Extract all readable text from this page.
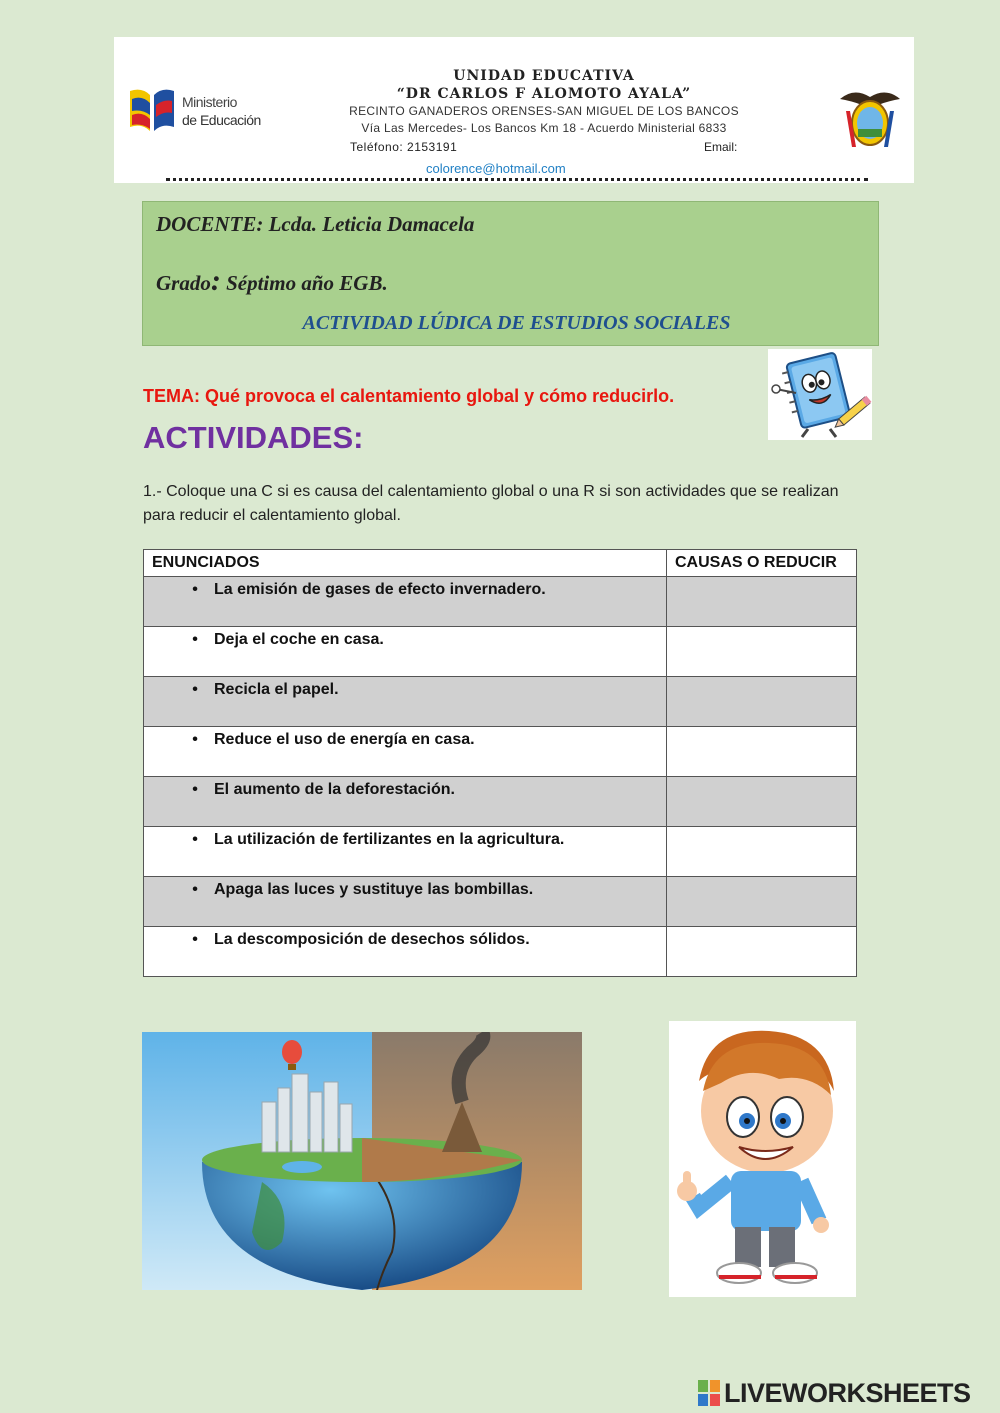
Ministerio
de Educación
UNIDAD EDUCATIVA
“DR CARLOS F ALOMOTO AYALA”
RECINTO GANADEROS ORENSES-SAN MIGUEL DE LOS BANCOS
Vía Las Mercedes- Los Bancos Km 18 - Acuerdo Ministerial 6833
Teléfono: 2153191	Email:
colorence@hotmail.com
DOCENTE: Lcda. Leticia Damacela
Grado: Séptimo año EGB.
ACTIVIDAD LÚDICA DE ESTUDIOS SOCIALES
TEMA: Qué provoca el calentamiento global y cómo reducirlo.
ACTIVIDADES:
1.- Coloque una C si es causa del calentamiento global o una R si son actividades que se realizan para reducir el calentamiento global.
ENUNCIADOS	CAUSAS O REDUCIR
• La emisión de gases de efecto invernadero.	
• Deja el coche en casa.	
• Recicla el papel.	
• Reduce el uso de energía en casa.	
• El aumento de la deforestación.	
• La utilización de fertilizantes en la agricultura.	
• Apaga las luces y sustituye las bombillas.	
• La descomposición de desechos sólidos.	
LIVEWORKSHEETS
